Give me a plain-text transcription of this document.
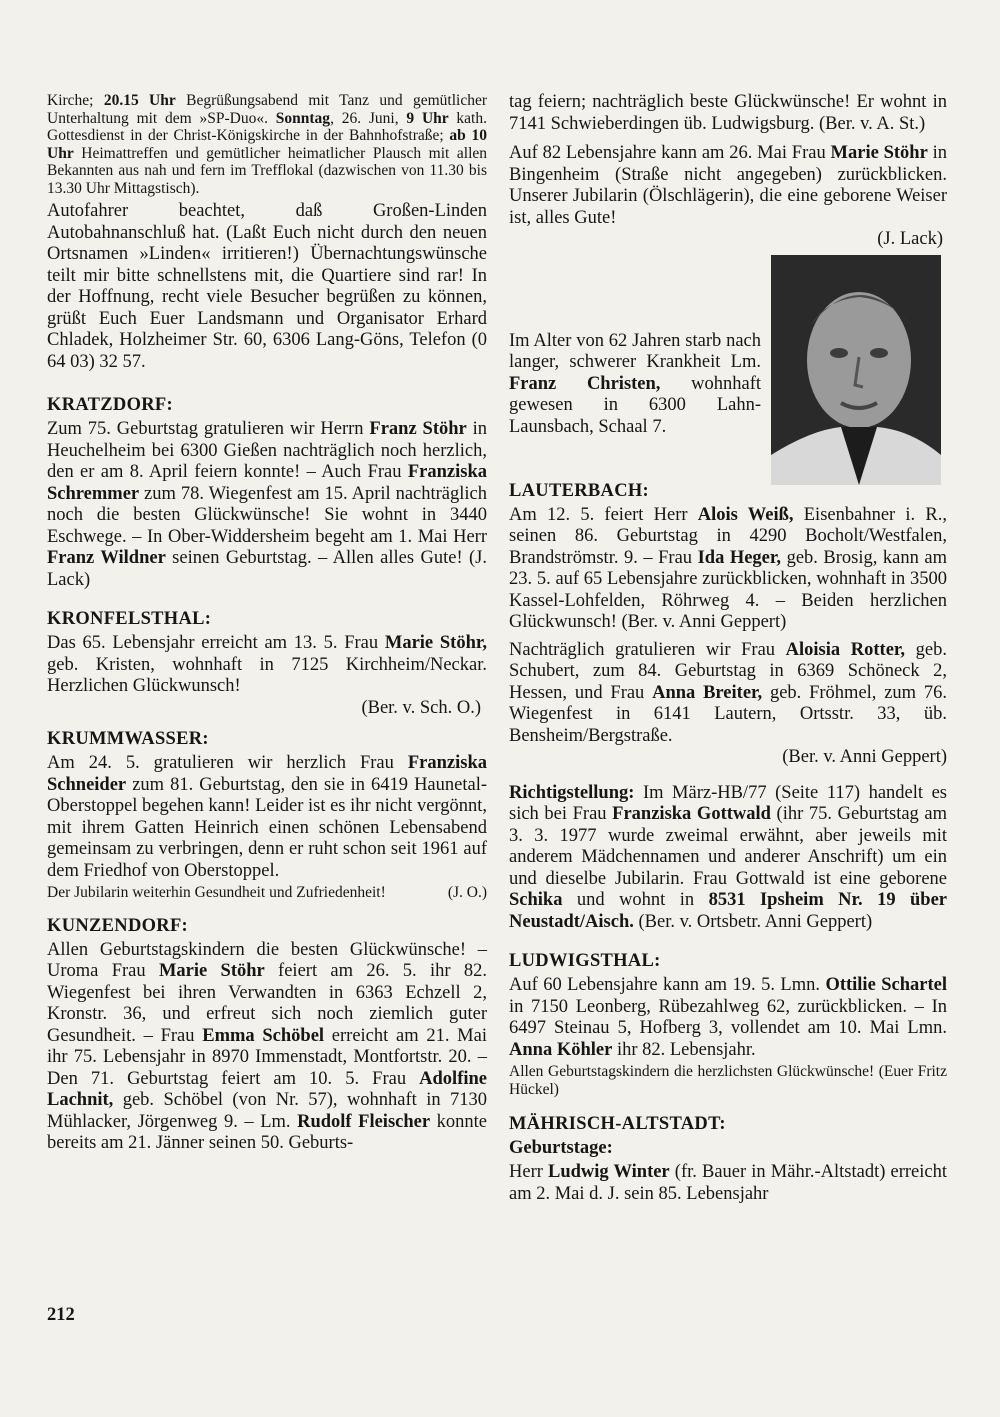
Kirche; 20.15 Uhr Begrüßungsabend mit Tanz und gemütlicher Unterhaltung mit dem »SP-Duo«. Sonntag, 26. Juni, 9 Uhr kath. Gottesdienst in der Christ-Königskirche in der Bahnhofstraße; ab 10 Uhr Heimattreffen und gemütlicher heimatlicher Plausch mit allen Bekannten aus nah und fern im Trefflokal (dazwischen von 11.30 bis 13.30 Uhr Mittagstisch).

Autofahrer beachtet, daß Großen-Linden Autobahnanschluß hat. (Laßt Euch nicht durch den neuen Ortsnamen »Linden« irritieren!) Übernachtungswünsche teilt mir bitte schnellstens mit, die Quartiere sind rar! In der Hoffnung, recht viele Besucher begrüßen zu können, grüßt Euch Euer Landsmann und Organisator Erhard Chladek, Holzheimer Str. 60, 6306 Lang-Göns, Telefon (0 64 03) 32 57.

KRATZDORF:

Zum 75. Geburtstag gratulieren wir Herrn Franz Stöhr in Heuchelheim bei 6300 Gießen nachträglich noch herzlich, den er am 8. April feiern konnte! – Auch Frau Franziska Schremmer zum 78. Wiegenfest am 15. April nachträglich noch die besten Glückwünsche! Sie wohnt in 3440 Eschwege. – In Ober-Widdersheim begeht am 1. Mai Herr Franz Wildner seinen Geburtstag. – Allen alles Gute! (J. Lack)

KRONFELSTHAL:

Das 65. Lebensjahr erreicht am 13. 5. Frau Marie Stöhr, geb. Kristen, wohnhaft in 7125 Kirchheim/Neckar. Herzlichen Glückwunsch!

(Ber. v. Sch. O.)

KRUMMWASSER:

Am 24. 5. gratulieren wir herzlich Frau Franziska Schneider zum 81. Geburtstag, den sie in 6419 Haunetal-Oberstoppel begehen kann! Leider ist es ihr nicht vergönnt, mit ihrem Gatten Heinrich einen schönen Lebensabend gemeinsam zu verbringen, denn er ruht schon seit 1961 auf dem Friedhof von Oberstoppel.

Der Jubilarin weiterhin Gesundheit und Zufriedenheit!	(J. O.)

KUNZENDORF:

Allen Geburtstagskindern die besten Glückwünsche! – Uroma Frau Marie Stöhr feiert am 26. 5. ihr 82. Wiegenfest bei ihren Verwandten in 6363 Echzell 2, Kronstr. 36, und erfreut sich noch ziemlich guter Gesundheit. – Frau Emma Schöbel erreicht am 21. Mai ihr 75. Lebensjahr in 8970 Immenstadt, Montfortstr. 20. – Den 71. Geburtstag feiert am 10. 5. Frau Adolfine Lachnit, geb. Schöbel (von Nr. 57), wohnhaft in 7130 Mühlacker, Jörgenweg 9. – Lm. Rudolf Fleischer konnte bereits am 21. Jänner seinen 50. Geburts-

tag feiern; nachträglich beste Glückwünsche! Er wohnt in 7141 Schwieberdingen üb. Ludwigsburg. (Ber. v. A. St.)

Auf 82 Lebensjahre kann am 26. Mai Frau Marie Stöhr in Bingenheim (Straße nicht angegeben) zurückblicken. Unserer Jubilarin (Ölschlägerin), die eine geborene Weiser ist, alles Gute!

(J. Lack)

Im Alter von 62 Jahren starb nach langer, schwerer Krankheit Lm. Franz Christen, wohnhaft gewesen in 6300 Lahn-Launsbach, Schaal 7.

LAUTERBACH:

Am 12. 5. feiert Herr Alois Weiß, Eisenbahner i. R., seinen 86. Geburtstag in 4290 Bocholt/Westfalen, Brandströmstr. 9. – Frau Ida Heger, geb. Brosig, kann am 23. 5. auf 65 Lebensjahre zurückblicken, wohnhaft in 3500 Kassel-Lohfelden, Röhrweg 4. – Beiden herzlichen Glückwunsch! (Ber. v. Anni Geppert)

Nachträglich gratulieren wir Frau Aloisia Rotter, geb. Schubert, zum 84. Geburtstag in 6369 Schöneck 2, Hessen, und Frau Anna Breiter, geb. Fröhmel, zum 76. Wiegenfest in 6141 Lautern, Ortsstr. 33, üb. Bensheim/Bergstraße.

(Ber. v. Anni Geppert)

Richtigstellung: Im März-HB/77 (Seite 117) handelt es sich bei Frau Franziska Gottwald (ihr 75. Geburtstag am 3. 3. 1977 wurde zweimal erwähnt, aber jeweils mit anderem Mädchennamen und anderer Anschrift) um ein und dieselbe Jubilarin. Frau Gottwald ist eine geborene Schika und wohnt in 8531 Ipsheim Nr. 19 über Neustadt/Aisch. (Ber. v. Ortsbetr. Anni Geppert)

LUDWIGSTHAL:

Auf 60 Lebensjahre kann am 19. 5. Lmn. Ottilie Schartel in 7150 Leonberg, Rübezahlweg 62, zurückblicken. – In 6497 Steinau 5, Hofberg 3, vollendet am 10. Mai Lmn. Anna Köhler ihr 82. Lebensjahr.

Allen Geburtstagskindern die herzlichsten Glückwünsche! (Euer Fritz Hückel)

MÄHRISCH-ALTSTADT:
Geburtstage:

Herr Ludwig Winter (fr. Bauer in Mähr.-Altstadt) erreicht am 2. Mai d. J. sein 85. Lebensjahr

212
